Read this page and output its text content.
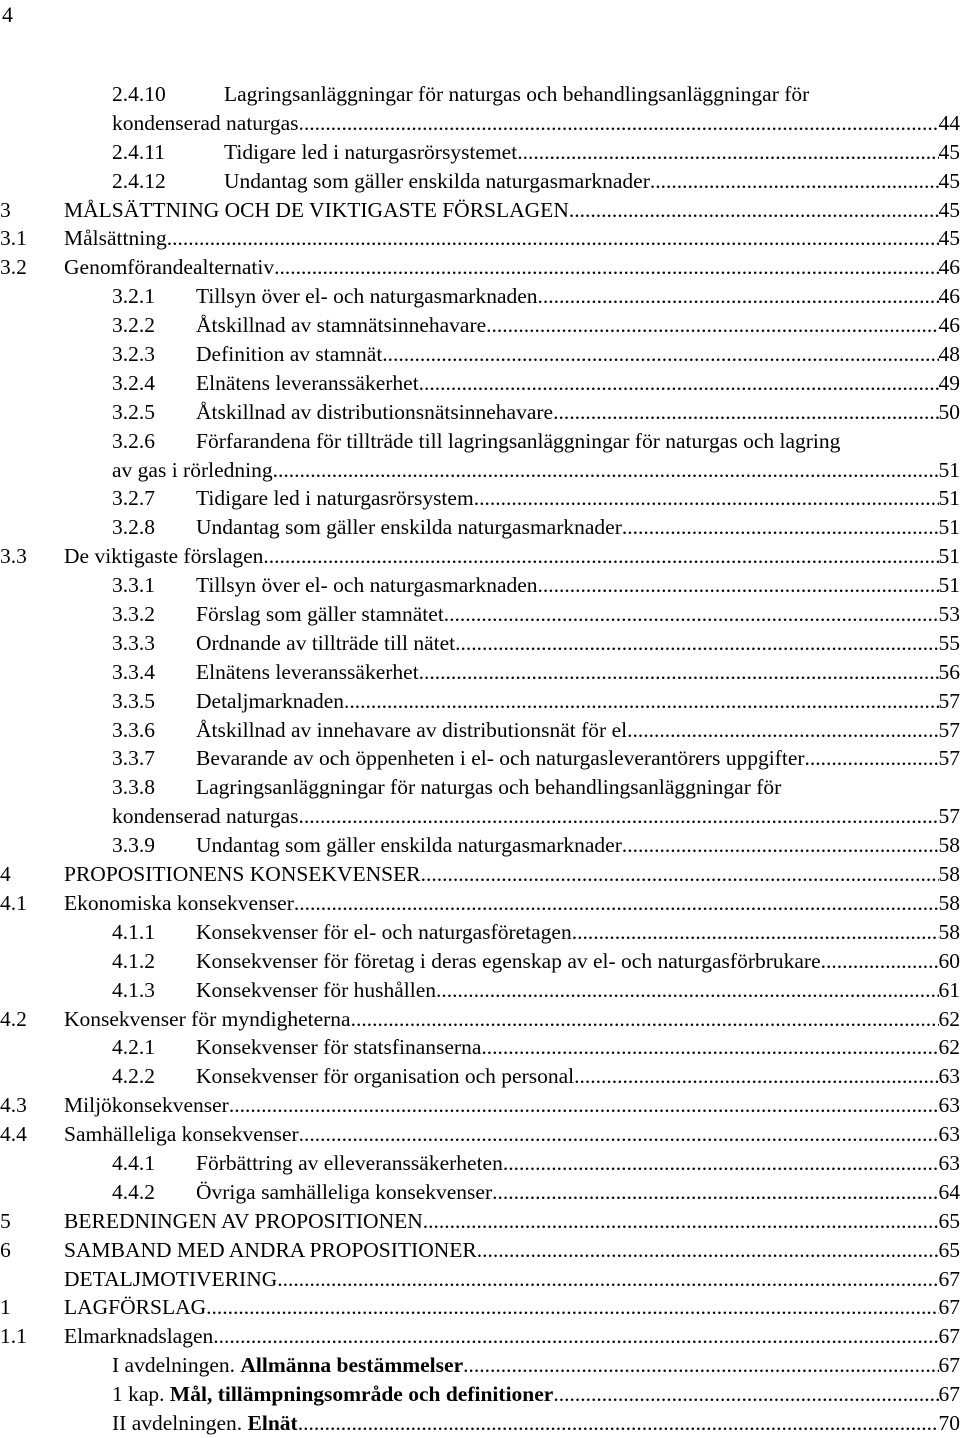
4
2.4.10	Lagringsanläggningar för naturgas och behandlingsanläggningar för
kondenserad naturgas .....	44
2.4.11	Tidigare led i naturgasrörsystemet .....	45
2.4.12	Undantag som gäller enskilda naturgasmarknader .....	45
3	MÅLSÄTTNING OCH DE VIKTIGASTE FÖRSLAGEN .....	45
3.1	Målsättning .....	45
3.2	Genomförandealternativ .....	46
3.2.1	Tillsyn över el- och naturgasmarknaden .....	46
3.2.2	Åtskillnad av stamnätsinnehavare .....	46
3.2.3	Definition av stamnät .....	48
3.2.4	Elnätens leveranssäkerhet .....	49
3.2.5	Åtskillnad av distributionsnätsinnehavare .....	50
3.2.6 Förfarandena för tillträde till lagringsanläggningar för naturgas och lagring
av gas i rörledning .....	51
3.2.7	Tidigare led i naturgasrörsystem .....	51
3.2.8	Undantag som gäller enskilda naturgasmarknader .....	51
3.3	De viktigaste förslagen .....	51
3.3.1	Tillsyn över el- och naturgasmarknaden .....	51
3.3.2	Förslag som gäller stamnätet .....	53
3.3.3	Ordnande av tillträde till nätet .....	55
3.3.4	Elnätens leveranssäkerhet .....	56
3.3.5	Detaljmarknaden .....	57
3.3.6	Åtskillnad av innehavare av distributionsnät för el .....	57
3.3.7	Bevarande av och öppenheten i el- och naturgasleverantörers uppgifter .....	57
3.3.8 Lagringsanläggningar för naturgas och behandlingsanläggningar för
kondenserad naturgas .....	57
3.3.9	Undantag som gäller enskilda naturgasmarknader .....	58
4	PROPOSITIONENS KONSEKVENSER .....	58
4.1	Ekonomiska konsekvenser .....	58
4.1.1	Konsekvenser för el- och naturgasföretagen .....	58
4.1.2	Konsekvenser för företag i deras egenskap av el- och naturgasförbrukare .....	60
4.1.3	Konsekvenser för hushållen .....	61
4.2	Konsekvenser för myndigheterna .....	62
4.2.1	Konsekvenser för statsfinanserna .....	62
4.2.2	Konsekvenser för organisation och personal .....	63
4.3	Miljökonsekvenser .....	63
4.4	Samhälleliga konsekvenser .....	63
4.4.1	Förbättring av elleveranssäkerheten .....	63
4.4.2	Övriga samhälleliga konsekvenser .....	64
5	BEREDNINGEN AV PROPOSITIONEN .....	65
6	SAMBAND MED ANDRA PROPOSITIONER .....	65
DETALJMOTIVERING .....	67
1	LAGFÖRSLAG .....	67
1.1	Elmarknadslagen .....	67
I avdelningen. Allmänna bestämmelser .....	67
1 kap. Mål, tillämpningsområde och definitioner .....	67
II avdelningen. Elnät .....	70
